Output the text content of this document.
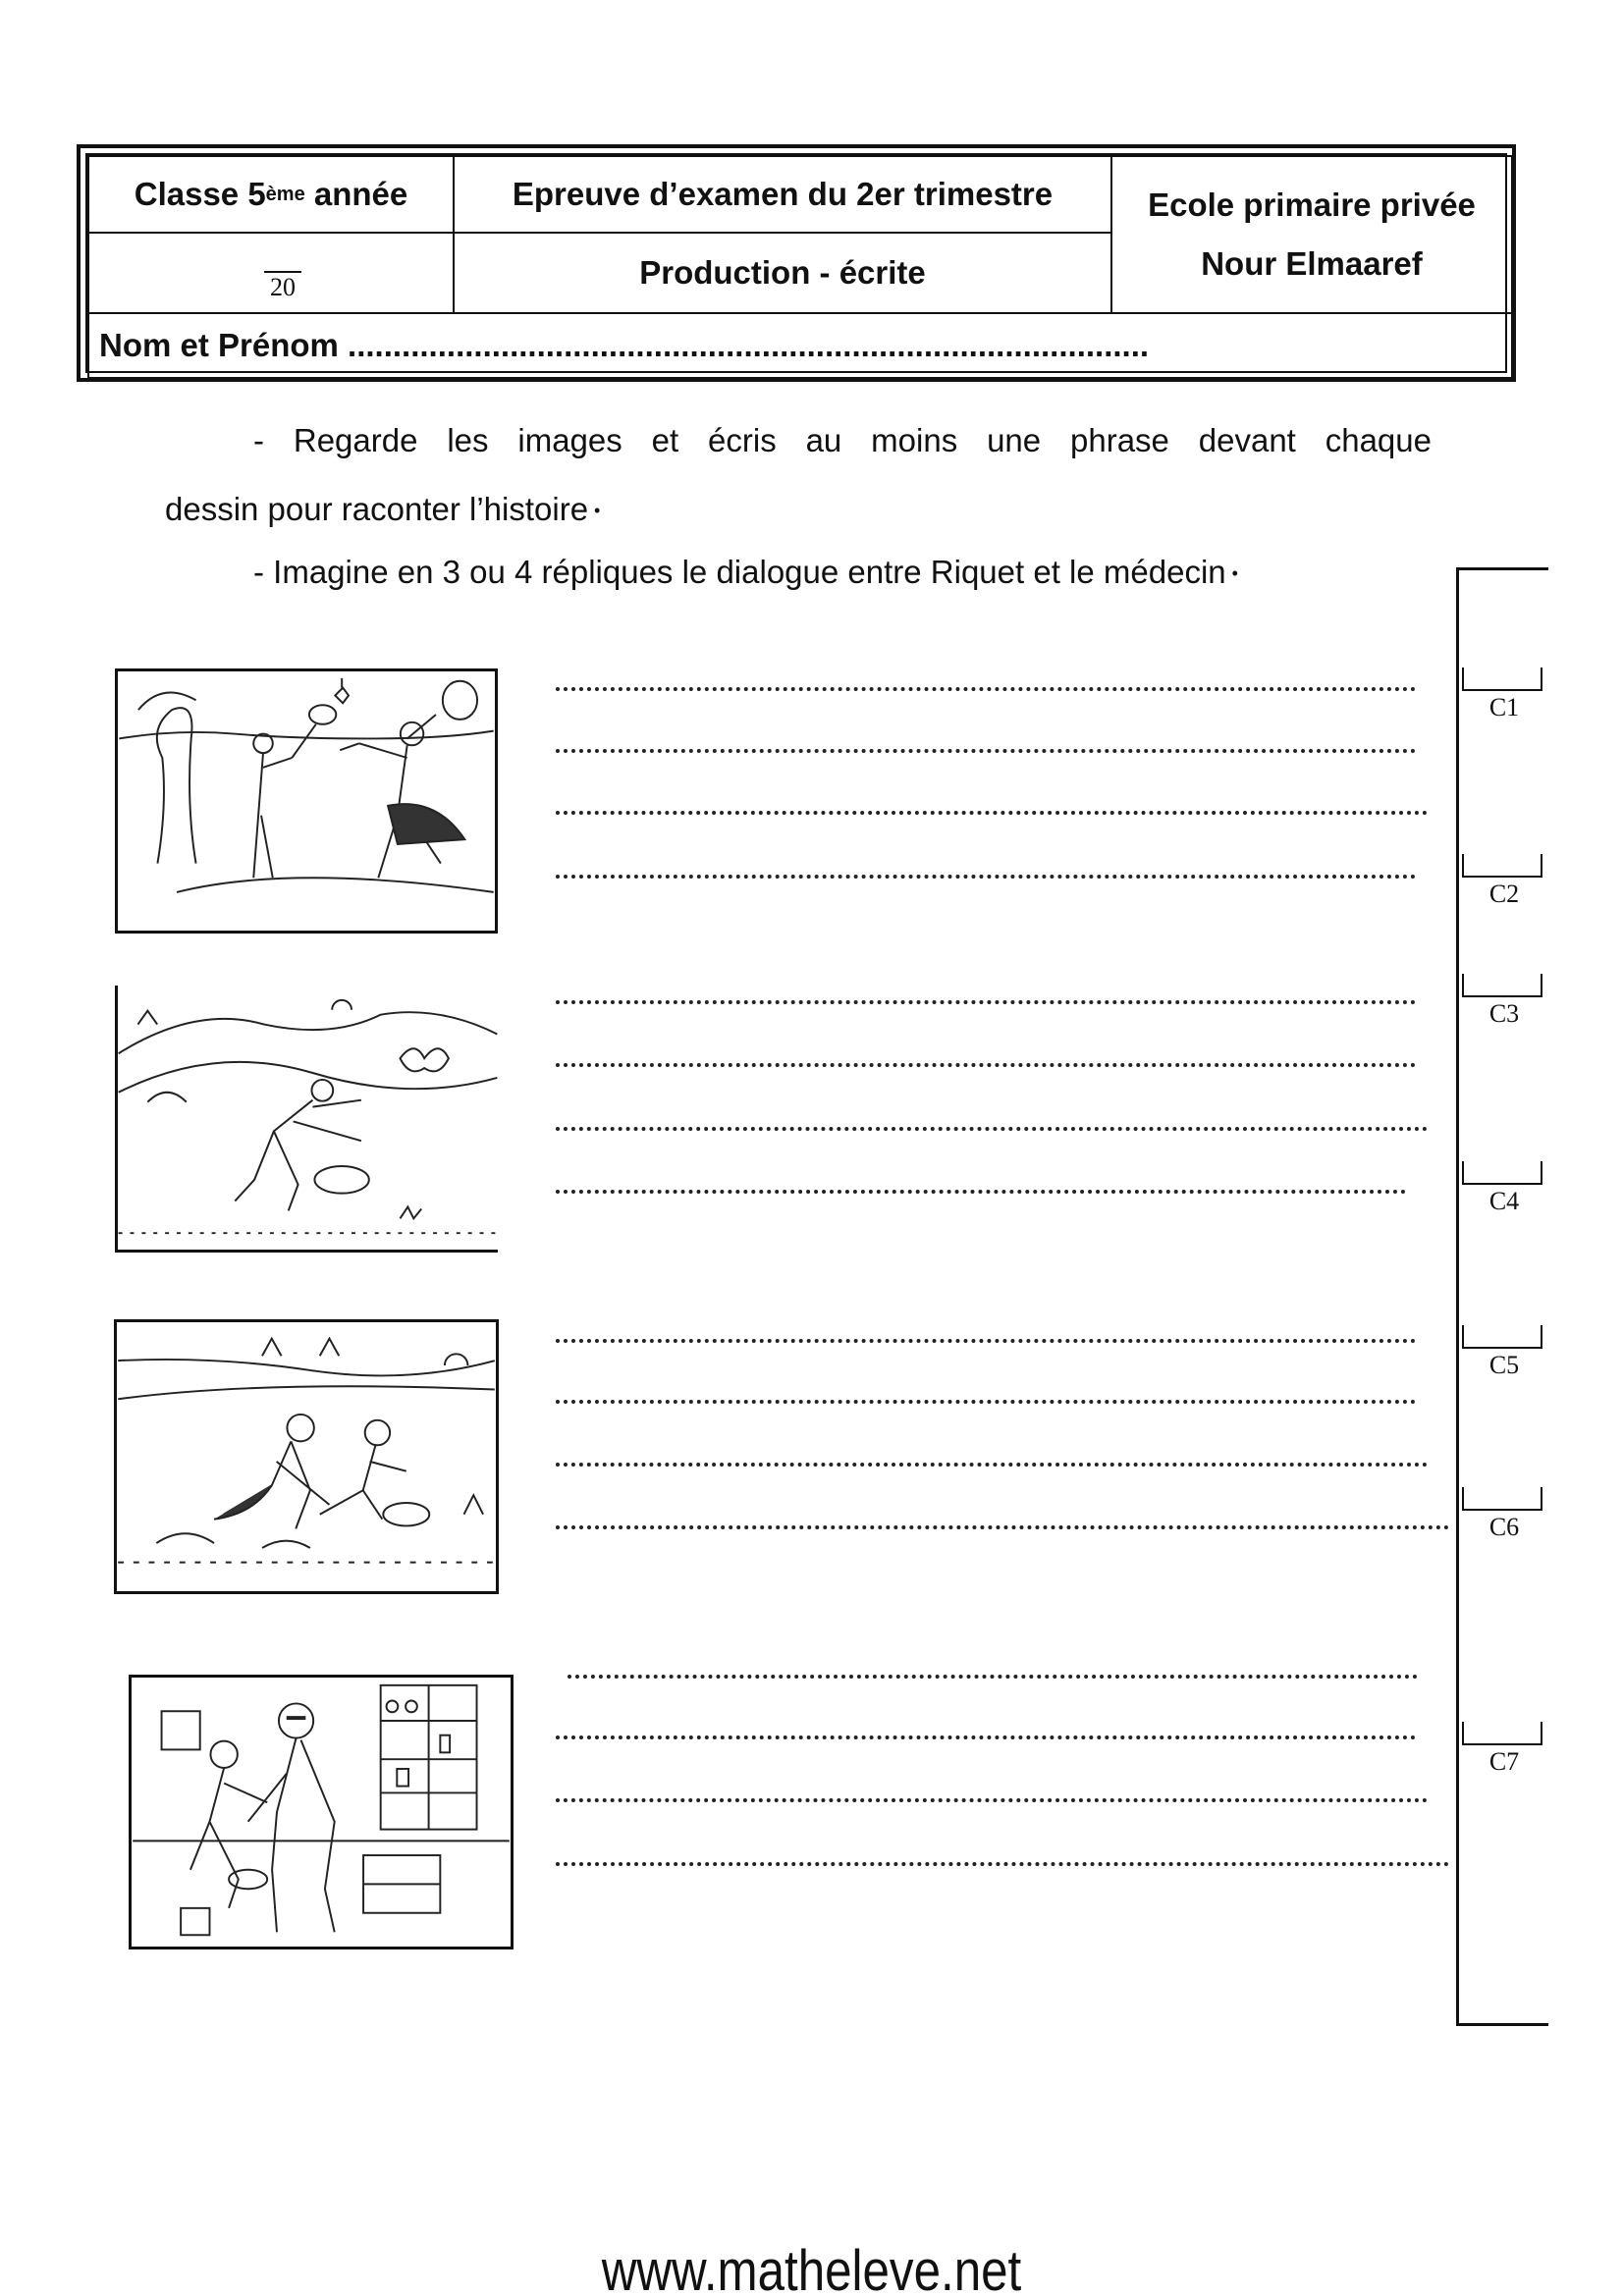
Classe 5 ème année	Epreuve d’examen du 2er trimestre	Ecole primaire privée
Nour Elmaaref
20	Production - écrite
Nom et Prénom .........................................................................................
- Regarde les images et écris au moins une phrase devant chaque
dessin pour raconter l’histoire •
- Imagine en 3 ou 4 répliques le dialogue entre Riquet et le médecin •
C1
C2
C3
C4
C5
C6
C7
www.matheleve.net
